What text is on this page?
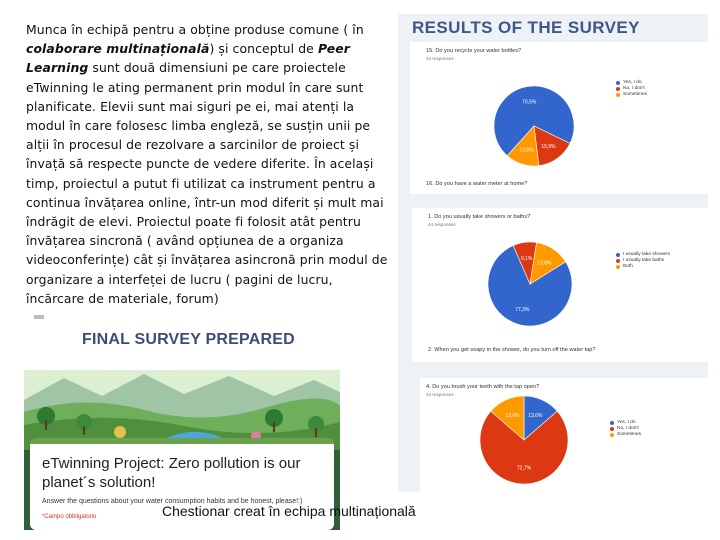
Munca în echipă pentru a obține produse comune ( în colaborare multinațională) și conceptul de Peer Learning sunt două dimensiuni pe care proiectele eTwinning le ating permanent prin modul în care sunt planificate. Elevii sunt mai siguri pe ei, mai atenți la modul în care folosesc limba engleză, se susțin unii pe alții în procesul de rezolvare a sarcinilor de proiect și învață să respecte puncte de vedere diferite. În același timp, proiectul a putut fi utilizat ca instrument pentru a continua învățarea online, într-un mod diferit și mult mai îndrăgit de elevi. Proiectul poate fi folosit atât pentru învățarea sincronă ( având opțiunea de a organiza videoconferințe) cât și învățarea asincronă prin modul de organizare a interfeței de lucru ( pagini de lucru, încărcare de materiale, forum)
FINAL SURVEY PREPARED
eTwinning Project: Zero pollution is our planet´s solution!
Answer the questions about your water consumption habits and be honest, please!:)
*Campo obbligatorio
RESULTS OF THE SURVEY
15. Do you recycle your water bottles?
44 responses
70,5%
15,9%
13,6%
Yes, I do
No, I don't
Sometimes
16. Do you have a water meter at home?
1. Do you usually take showers or baths?
44 responses
77,3%
9,1%
13,6%
I usually take showers
I usually take baths
Both
2. When you get soapy in the shower, do you turn off the water tap?
4. Do you brush your teeth with the tap open?
44 responses
13,6%
72,7%
13,6%
Yes, I do
No, I don't
Sometimes
Chestionar creat în echipa multinațională
